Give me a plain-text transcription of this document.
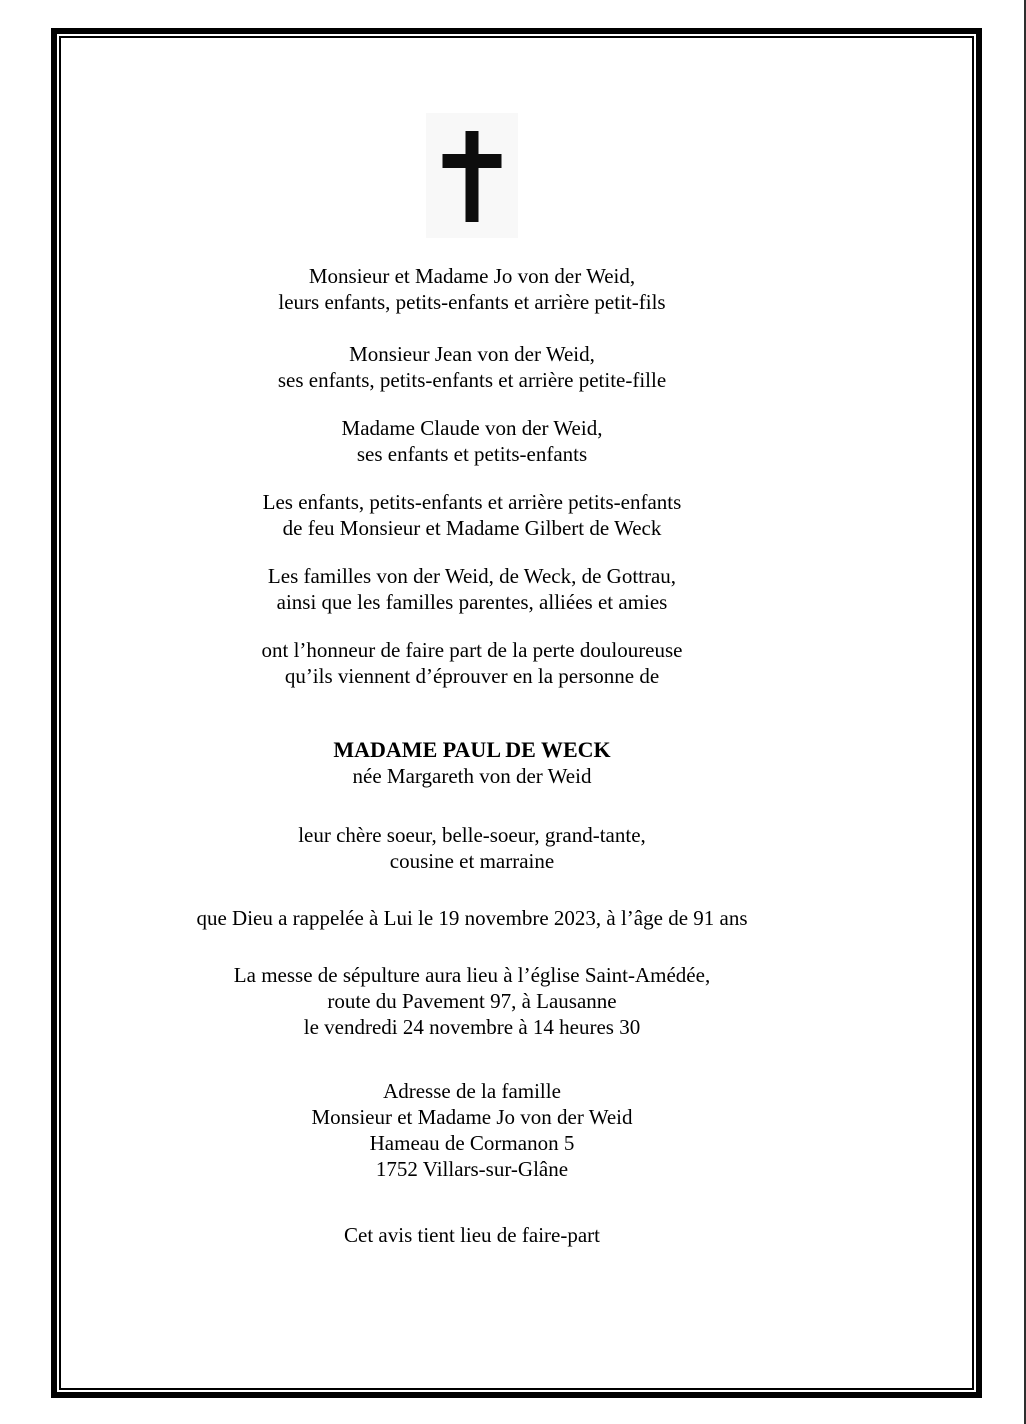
Monsieur et Madame Jo von der Weid,
leurs enfants, petits-enfants et arrière petit-fils

Monsieur Jean von der Weid,
ses enfants, petits-enfants et arrière petite-fille

Madame Claude von der Weid,
ses enfants et petits-enfants

Les enfants, petits-enfants et arrière petits-enfants
de feu Monsieur et Madame Gilbert de Weck

Les familles von der Weid, de Weck, de Gottrau,
ainsi que les familles parentes, alliées et amies

ont l’honneur de faire part de la perte douloureuse
qu’ils viennent d’éprouver en la personne de

MADAME PAUL DE WECK
née Margareth von der Weid

leur chère soeur, belle-soeur, grand-tante,
cousine et marraine

que Dieu a rappelée à Lui le 19 novembre 2023, à l’âge de 91 ans

La messe de sépulture aura lieu à l’église Saint-Amédée,
route du Pavement 97, à Lausanne
le vendredi 24 novembre à 14 heures 30

Adresse de la famille
Monsieur et Madame Jo von der Weid
Hameau de Cormanon 5
1752 Villars-sur-Glâne

Cet avis tient lieu de faire-part
